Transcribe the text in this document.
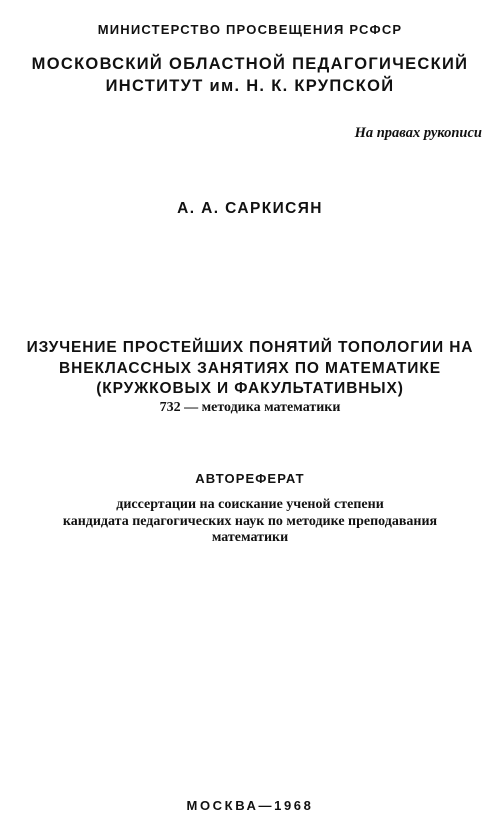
МИНИСТЕРСТВО ПРОСВЕЩЕНИЯ РСФСР
МОСКОВСКИЙ ОБЛАСТНОЙ ПЕДАГОГИЧЕСКИЙ
ИНСТИТУТ им. Н. К. КРУПСКОЙ
На правах рукописи
А. А. САРКИСЯН
ИЗУЧЕНИЕ ПРОСТЕЙШИХ ПОНЯТИЙ ТОПОЛОГИИ НА
ВНЕКЛАССНЫХ ЗАНЯТИЯХ ПО МАТЕМАТИКЕ
(КРУЖКОВЫХ И ФАКУЛЬТАТИВНЫХ)
732 — методика математики
АВТОРЕФЕРАТ
диссертации на соискание ученой степени
кандидата педагогических наук по методике преподавания
математики
МОСКВА—1968
